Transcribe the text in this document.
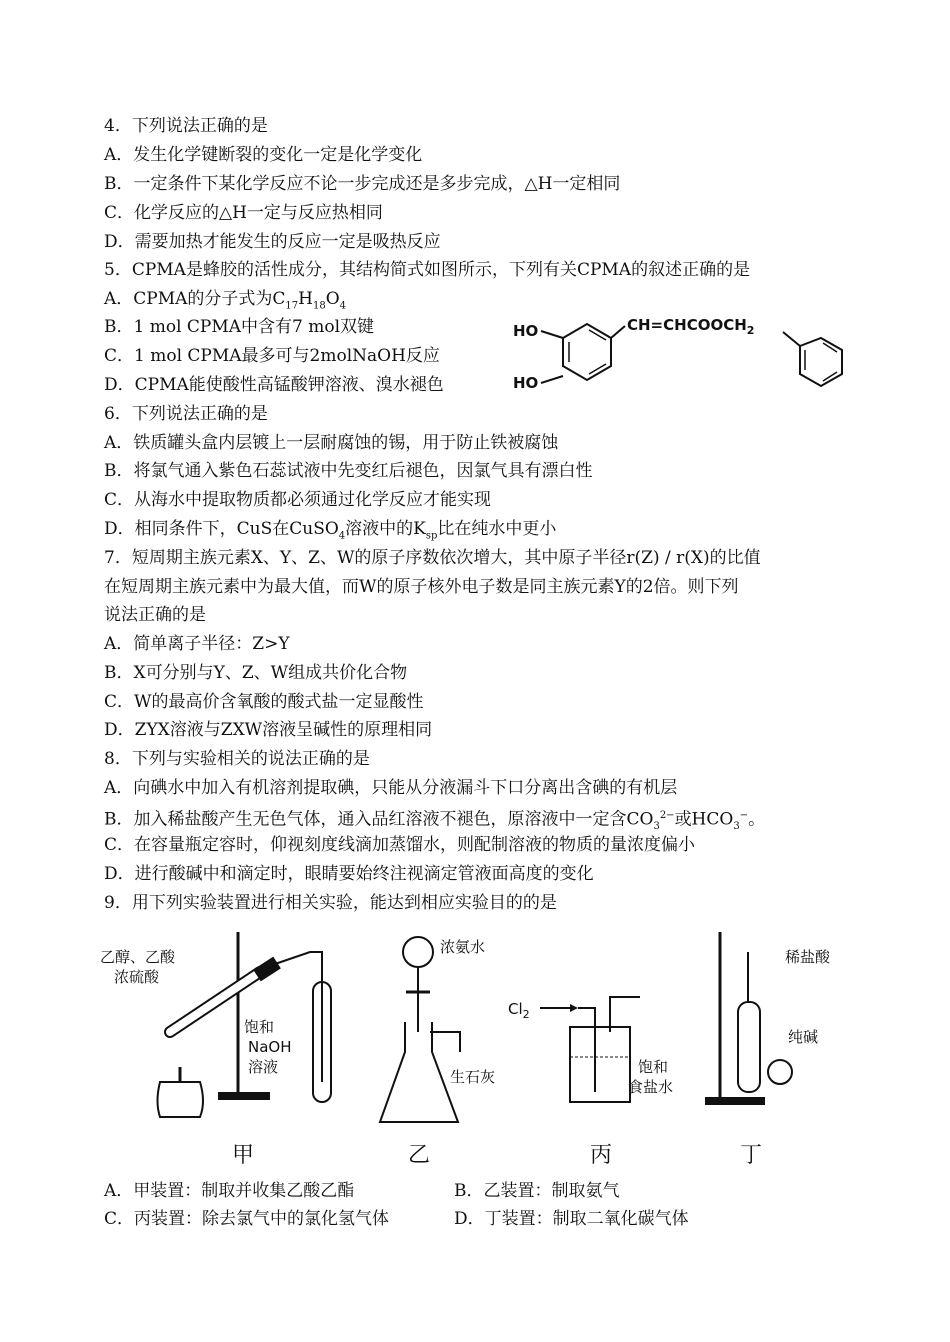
4．下列说法正确的是
A．发生化学键断裂的变化一定是化学变化
B．一定条件下某化学反应不论一步完成还是多步完成，△H一定相同
C．化学反应的△H一定与反应热相同
D．需要加热才能发生的反应一定是吸热反应
5．CPMA是蜂胶的活性成分，其结构简式如图所示，下列有关CPMA的叙述正确的是
A．CPMA的分子式为$C_{17}H_{18}O_4$
B．1 mol CPMA中含有7 mol双键
C．1 mol CPMA最多可与2molNaOH反应
D．CPMA能使酸性高锰酸钾溶液、溴水褪色
HO
HO
$CH=CHCOOCH_2$
6．下列说法正确的是
A．铁质罐头盒内层镀上一层耐腐蚀的锡，用于防止铁被腐蚀
B．将氯气通入紫色石蕊试液中先变红后褪色，因氯气具有漂白性
C．从海水中提取物质都必须通过化学反应才能实现
D．相同条件下，CuS在CuSO$_4$溶液中的$K_{sp}$比在纯水中更小
7．短周期主族元素X、Y、Z、W的原子序数依次增大，其中原子半径r(Z) / r(X)的比值
在短周期主族元素中为最大值，而W的原子核外电子数是同主族元素Y的2倍。则下列
说法正确的是
A．简单离子半径：Z>Y
B．X可分别与Y、Z、W组成共价化合物
C．W的最高价含氧酸的酸式盐一定显酸性
D．ZYX溶液与ZXW溶液呈碱性的原理相同
8．下列与实验相关的说法正确的是
A．向碘水中加入有机溶剂提取碘，只能从分液漏斗下口分离出含碘的有机层
B．加入稀盐酸产生无色气体，通入品红溶液不褪色，原溶液中一定含$CO_3^{2-}$或$HCO_3^-$。
C．在容量瓶定容时，仰视刻度线滴加蒸馏水，则配制溶液的物质的量浓度偏小
D．进行酸碱中和滴定时，眼睛要始终注视滴定管液面高度的变化
9．用下列实验装置进行相关实验，能达到相应实验目的的是
乙醇、乙酸
浓硫酸
饱和
NaOH
溶液
甲
浓氨水
生石灰
乙
$Cl_2$
饱和
食盐水
丙
稀盐酸
纯碱
丁
A．甲装置：制取并收集乙酸乙酯	B．乙装置：制取氨气
C．丙装置：除去氯气中的氯化氢气体	D．丁装置：制取二氧化碳气体
